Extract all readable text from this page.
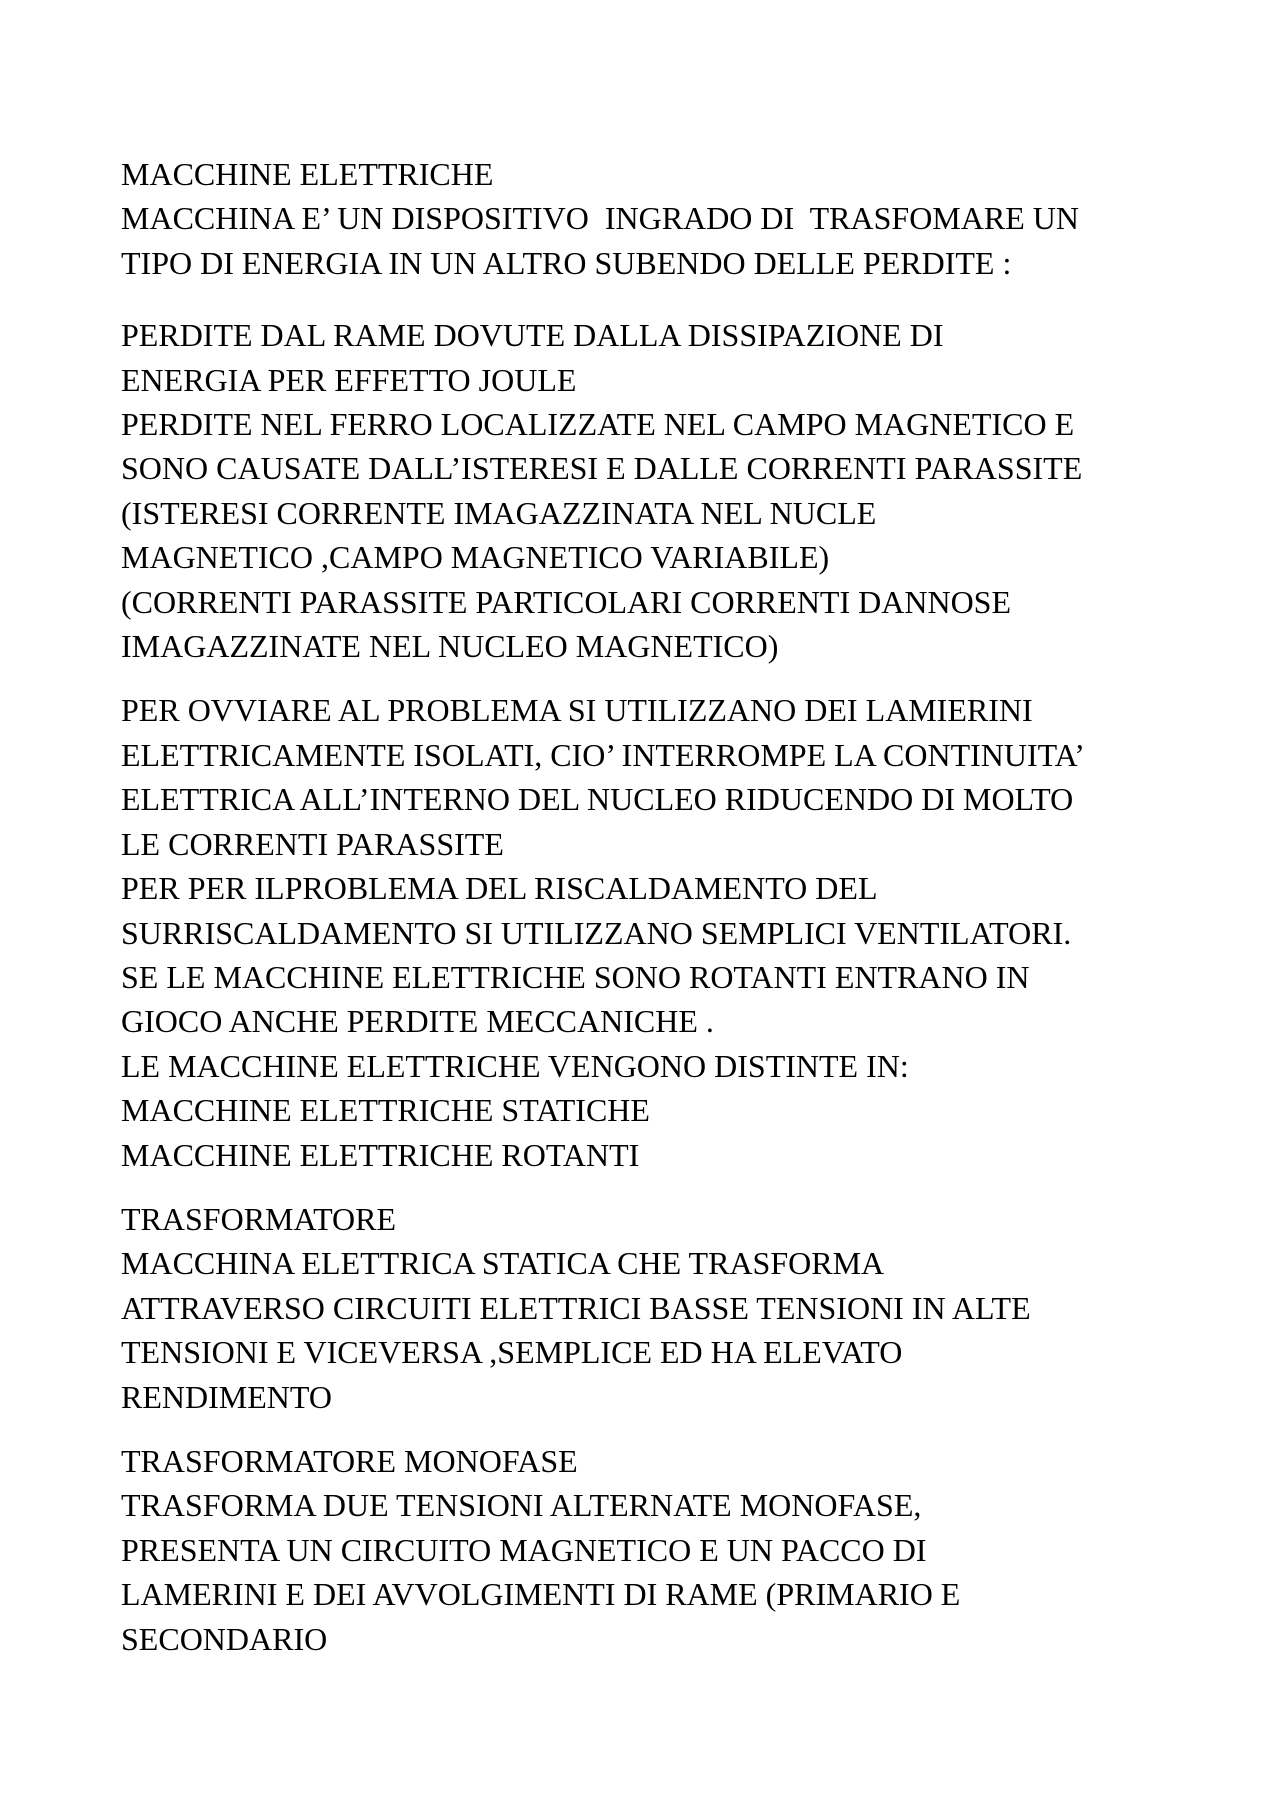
MACCHINE ELETTRICHE
MACCHINA E’ UN DISPOSITIVO  INGRADO DI  TRASFOMARE UN
TIPO DI ENERGIA IN UN ALTRO SUBENDO DELLE PERDITE :
PERDITE DAL RAME DOVUTE DALLA DISSIPAZIONE DI
ENERGIA PER EFFETTO JOULE
PERDITE NEL FERRO LOCALIZZATE NEL CAMPO MAGNETICO E
SONO CAUSATE DALL’ISTERESI E DALLE CORRENTI PARASSITE
(ISTERESI CORRENTE IMAGAZZINATA NEL NUCLE
MAGNETICO ,CAMPO MAGNETICO VARIABILE)
(CORRENTI PARASSITE PARTICOLARI CORRENTI DANNOSE
IMAGAZZINATE NEL NUCLEO MAGNETICO)
PER OVVIARE AL PROBLEMA SI UTILIZZANO DEI LAMIERINI
ELETTRICAMENTE ISOLATI, CIO’ INTERROMPE LA CONTINUITA’
ELETTRICA ALL’INTERNO DEL NUCLEO RIDUCENDO DI MOLTO
LE CORRENTI PARASSITE
PER PER ILPROBLEMA DEL RISCALDAMENTO DEL
SURRISCALDAMENTO SI UTILIZZANO SEMPLICI VENTILATORI.
SE LE MACCHINE ELETTRICHE SONO ROTANTI ENTRANO IN
GIOCO ANCHE PERDITE MECCANICHE .
LE MACCHINE ELETTRICHE VENGONO DISTINTE IN:
MACCHINE ELETTRICHE STATICHE
MACCHINE ELETTRICHE ROTANTI
TRASFORMATORE
MACCHINA ELETTRICA STATICA CHE TRASFORMA
ATTRAVERSO CIRCUITI ELETTRICI BASSE TENSIONI IN ALTE
TENSIONI E VICEVERSA ,SEMPLICE ED HA ELEVATO
RENDIMENTO
TRASFORMATORE MONOFASE
TRASFORMA DUE TENSIONI ALTERNATE MONOFASE,
PRESENTA UN CIRCUITO MAGNETICO E UN PACCO DI
LAMERINI E DEI AVVOLGIMENTI DI RAME (PRIMARIO E
SECONDARIO
